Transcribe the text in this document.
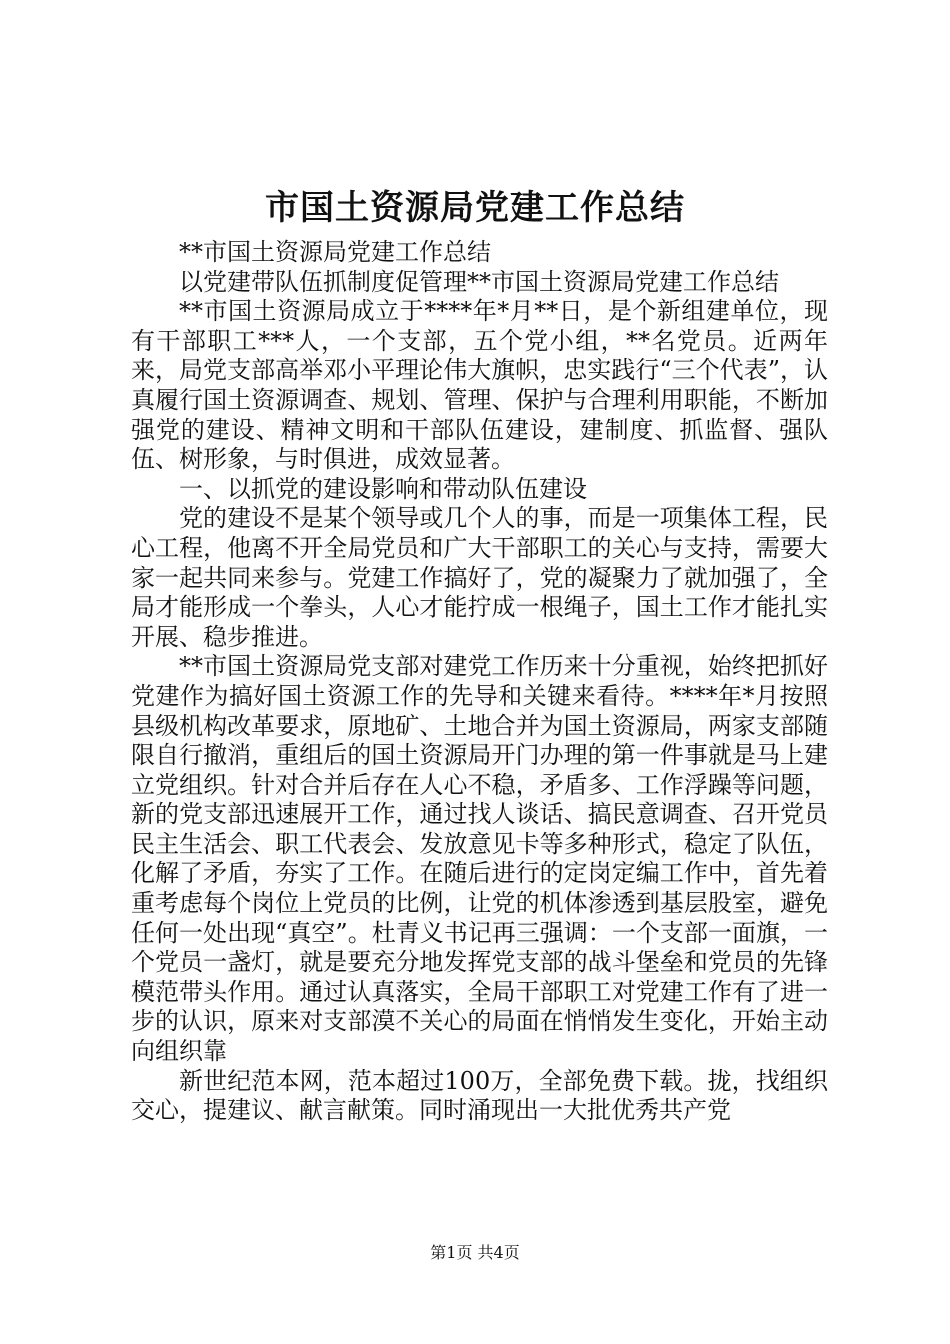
市国土资源局党建工作总结

**市国土资源局党建工作总结

以党建带队伍抓制度促管理**市国土资源局党建工作总结

**市国土资源局成立于****年*月**日，是个新组建单位，现有干部职工***人，一个支部，五个党小组，**名党员。近两年来，局党支部高举邓小平理论伟大旗帜，忠实践行“三个代表”，认真履行国土资源调查、规划、管理、保护与合理利用职能，不断加强党的建设、精神文明和干部队伍建设，建制度、抓监督、强队伍、树形象，与时俱进，成效显著。

一、以抓党的建设影响和带动队伍建设

党的建设不是某个领导或几个人的事，而是一项集体工程，民心工程，他离不开全局党员和广大干部职工的关心与支持，需要大家一起共同来参与。党建工作搞好了，党的凝聚力了就加强了，全局才能形成一个拳头，人心才能拧成一根绳子，国土工作才能扎实开展、稳步推进。

**市国土资源局党支部对建党工作历来十分重视，始终把抓好党建作为搞好国土资源工作的先导和关键来看待。****年*月按照县级机构改革要求，原地矿、土地合并为国土资源局，两家支部随限自行撤消，重组后的国土资源局开门办理的第一件事就是马上建立党组织。针对合并后存在人心不稳，矛盾多、工作浮躁等问题，新的党支部迅速展开工作，通过找人谈话、搞民意调查、召开党员民主生活会、职工代表会、发放意见卡等多种形式，稳定了队伍，化解了矛盾，夯实了工作。在随后进行的定岗定编工作中，首先着重考虑每个岗位上党员的比例，让党的机体渗透到基层股室，避免任何一处出现“真空”。杜青义书记再三强调：一个支部一面旗，一个党员一盏灯，就是要充分地发挥党支部的战斗堡垒和党员的先锋模范带头作用。通过认真落实，全局干部职工对党建工作有了进一步的认识，原来对支部漠不关心的局面在悄悄发生变化，开始主动向组织靠

新世纪范本网，范本超过100万，全部免费下载。拢，找组织交心，提建议、献言献策。同时涌现出一大批优秀共产党

第1页 共4页
